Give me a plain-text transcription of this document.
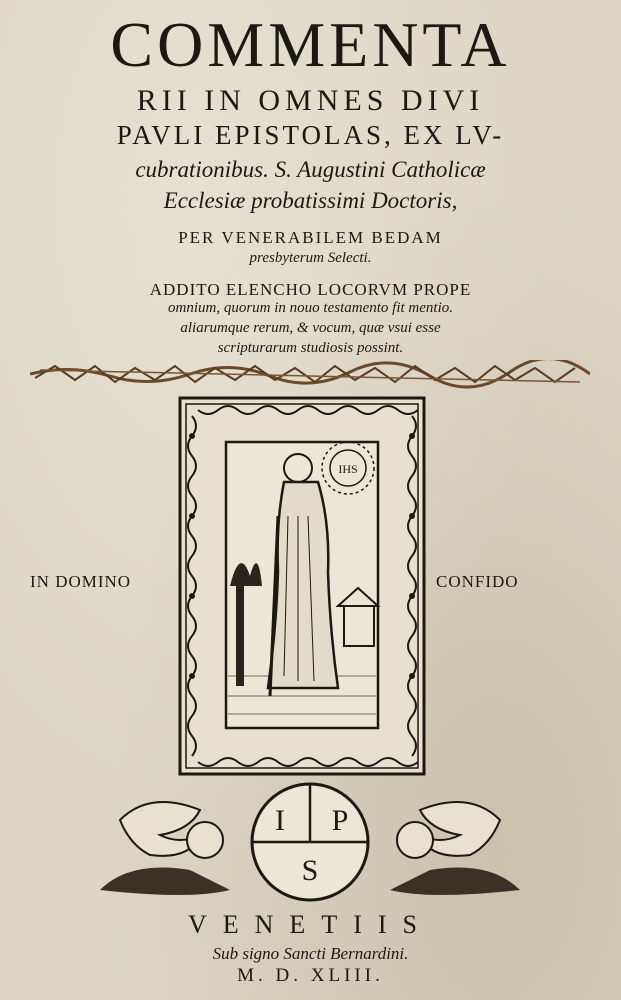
COMMENTA
RII IN OMNES DIVI
PAVLI EPISTOLAS, EX LV-
cubrationibus. S. Augustini Catholicæ
Ecclesiæ probatissimi Doctoris,
PER VENERABILEM BEDAM
presbyterum Selecti.
ADDITO ELENCHO LOCORVM PROPE
omnium, quorum in nouo testamento fit mentio.
aliarumque rerum, & vocum, quæ vsui esse
scripturarum studiosis possint.
IHS
IN DOMINO	CONFIDO
I P
S
VENETIIS
Sub signo Sancti Bernardini.
M. D. XLIII.
